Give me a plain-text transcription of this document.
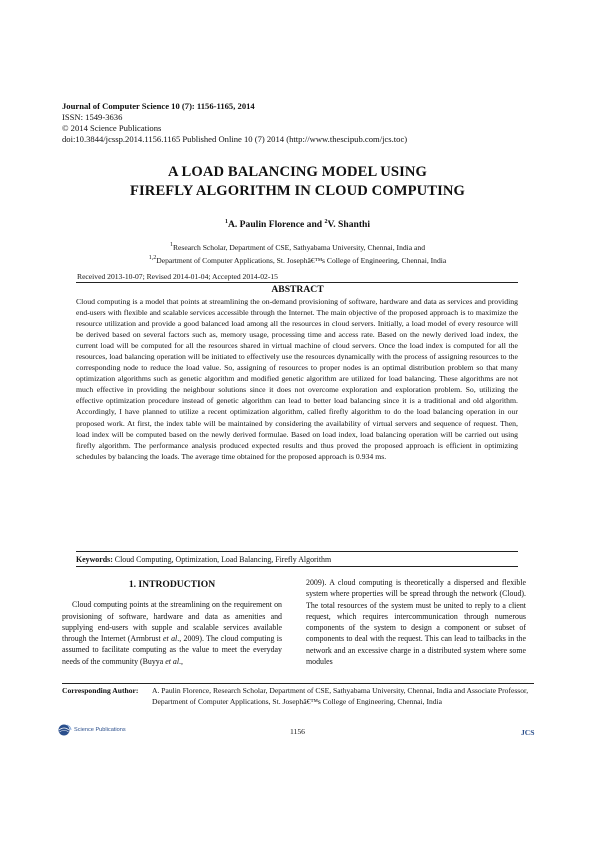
Journal of Computer Science 10 (7): 1156-1165, 2014
ISSN: 1549-3636
© 2014 Science Publications
doi:10.3844/jcssp.2014.1156.1165 Published Online 10 (7) 2014 (http://www.thescipub.com/jcs.toc)
A LOAD BALANCING MODEL USING
FIREFLY ALGORITHM IN CLOUD COMPUTING
$^1$A. Paulin Florence and $^2$V. Shanthi
$^1$Research Scholar, Department of CSE, Sathyabama University, Chennai, India and
$^{1,2}$Department of Computer Applications, St. Josephâ€™s College of Engineering, Chennai, India
Received 2013-10-07; Revised 2014-01-04; Accepted 2014-02-15
ABSTRACT

Cloud computing is a model that points at streamlining the on-demand provisioning of software, hardware and data as services and providing end-users with flexible and scalable services accessible through the Internet. The main objective of the proposed approach is to maximize the resource utilization and provide a good balanced load among all the resources in cloud servers. Initially, a load model of every resource will be derived based on several factors such as, memory usage, processing time and access rate. Based on the newly derived load index, the current load will be computed for all the resources shared in virtual machine of cloud servers. Once the load index is computed for all the resources, load balancing operation will be initiated to effectively use the resources dynamically with the process of assigning resources to the corresponding node to reduce the load value. So, assigning of resources to proper nodes is an optimal distribution problem so that many optimization algorithms such as genetic algorithm and modified genetic algorithm are utilized for load balancing. These algorithms are not much effective in providing the neighbour solutions since it does not overcome exploration and exploration problem. So, utilizing the effective optimization procedure instead of genetic algorithm can lead to better load balancing since it is a traditional and old algorithm. Accordingly, I have planned to utilize a recent optimization algorithm, called firefly algorithm to do the load balancing operation in our proposed work. At first, the index table will be maintained by considering the availability of virtual servers and sequence of request. Then, load index will be computed based on the newly derived formulae. Based on load index, load balancing operation will be carried out using firefly algorithm. The performance analysis produced expected results and thus proved the proposed approach is efficient in optimizing schedules by balancing the loads. The average time obtained for the proposed approach is 0.934 ms.

Keywords: Cloud Computing, Optimization, Load Balancing, Firefly Algorithm
1. INTRODUCTION

Cloud computing points at the streamlining on the requirement on provisioning of software, hardware and data as amenities and supplying end-users with supple and scalable services available through the Internet (Armbrust et al., 2009). The cloud computing is assumed to facilitate computing as the value to meet the everyday needs of the community (Buyya et al.,

2009). A cloud computing is theoretically a dispersed and flexible system where properties will be spread through the network (Cloud). The total resources of the system must be united to reply to a client request, which requires intercommunication through numerous components of the system to design a component or subset of components to deal with the request. This can lead to tailbacks in the network and an excessive charge in a distributed system where some modules

Corresponding Author: A. Paulin Florence, Research Scholar, Department of CSE, Sathyabama University, Chennai, India and Associate Professor, Department of Computer Applications, St. Josephâ€™s College of Engineering, Chennai, India
Science Publications	1156	JCS
